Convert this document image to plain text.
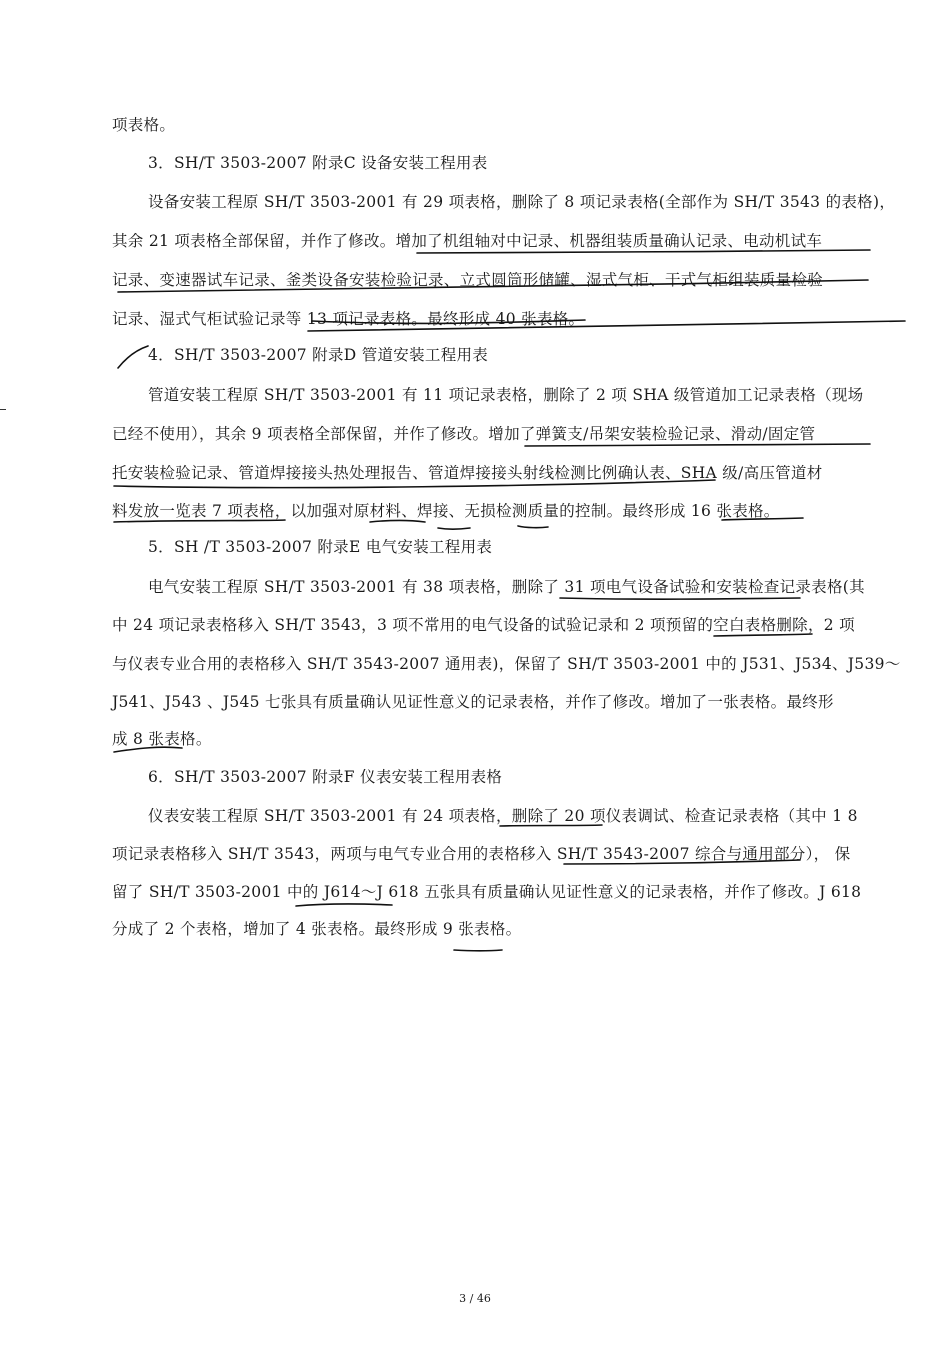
项表格。
3．SH/T 3503-2007 附录C 设备安装工程用表
设备安装工程原 SH/T 3503-2001 有 29 项表格，删除了 8 项记录表格(全部作为 SH/T 3543 的表格)，
其余 21 项表格全部保留，并作了修改。增加了机组轴对中记录、机器组装质量确认记录、电动机试车
记录、变速器试车记录、釜类设备安装检验记录、立式圆筒形储罐、湿式气柜、干式气柜组装质量检验
记录、湿式气柜试验记录等 13 项记录表格。最终形成 40 张表格。
4．SH/T 3503-2007 附录D 管道安装工程用表
管道安装工程原 SH/T 3503-2001 有 11 项记录表格，删除了 2 项 SHA 级管道加工记录表格（现场
已经不使用），其余 9 项表格全部保留，并作了修改。增加了弹簧支/吊架安装检验记录、滑动/固定管
托安装检验记录、管道焊接接头热处理报告、管道焊接接头射线检测比例确认表、SHA 级/高压管道材
料发放一览表 7 项表格，以加强对原材料、焊接、无损检测质量的控制。最终形成 16 张表格。
5．SH /T 3503-2007 附录E 电气安装工程用表
电气安装工程原 SH/T 3503-2001 有 38 项表格，删除了 31 项电气设备试验和安装检查记录表格(其
中 24 项记录表格移入 SH/T 3543，3 项不常用的电气设备的试验记录和 2 项预留的空白表格删除，2 项
与仪表专业合用的表格移入 SH/T 3543-2007 通用表)，保留了 SH/T 3503-2001 中的 J531、J534、J539～
J541、J543 、J545 七张具有质量确认见证性意义的记录表格，并作了修改。增加了一张表格。最终形
成 8 张表格。
6．SH/T 3503-2007 附录F 仪表安装工程用表格
仪表安装工程原 SH/T 3503-2001 有 24 项表格，删除了 20 项仪表调试、检查记录表格（其中 1 8
项记录表格移入 SH/T 3543，两项与电气专业合用的表格移入 SH/T 3543-2007 综合与通用部分）， 保
留了 SH/T 3503-2001 中的 J614～J 618 五张具有质量确认见证性意义的记录表格，并作了修改。J 618
分成了 2 个表格，增加了 4 张表格。最终形成 9 张表格。
3 / 46
